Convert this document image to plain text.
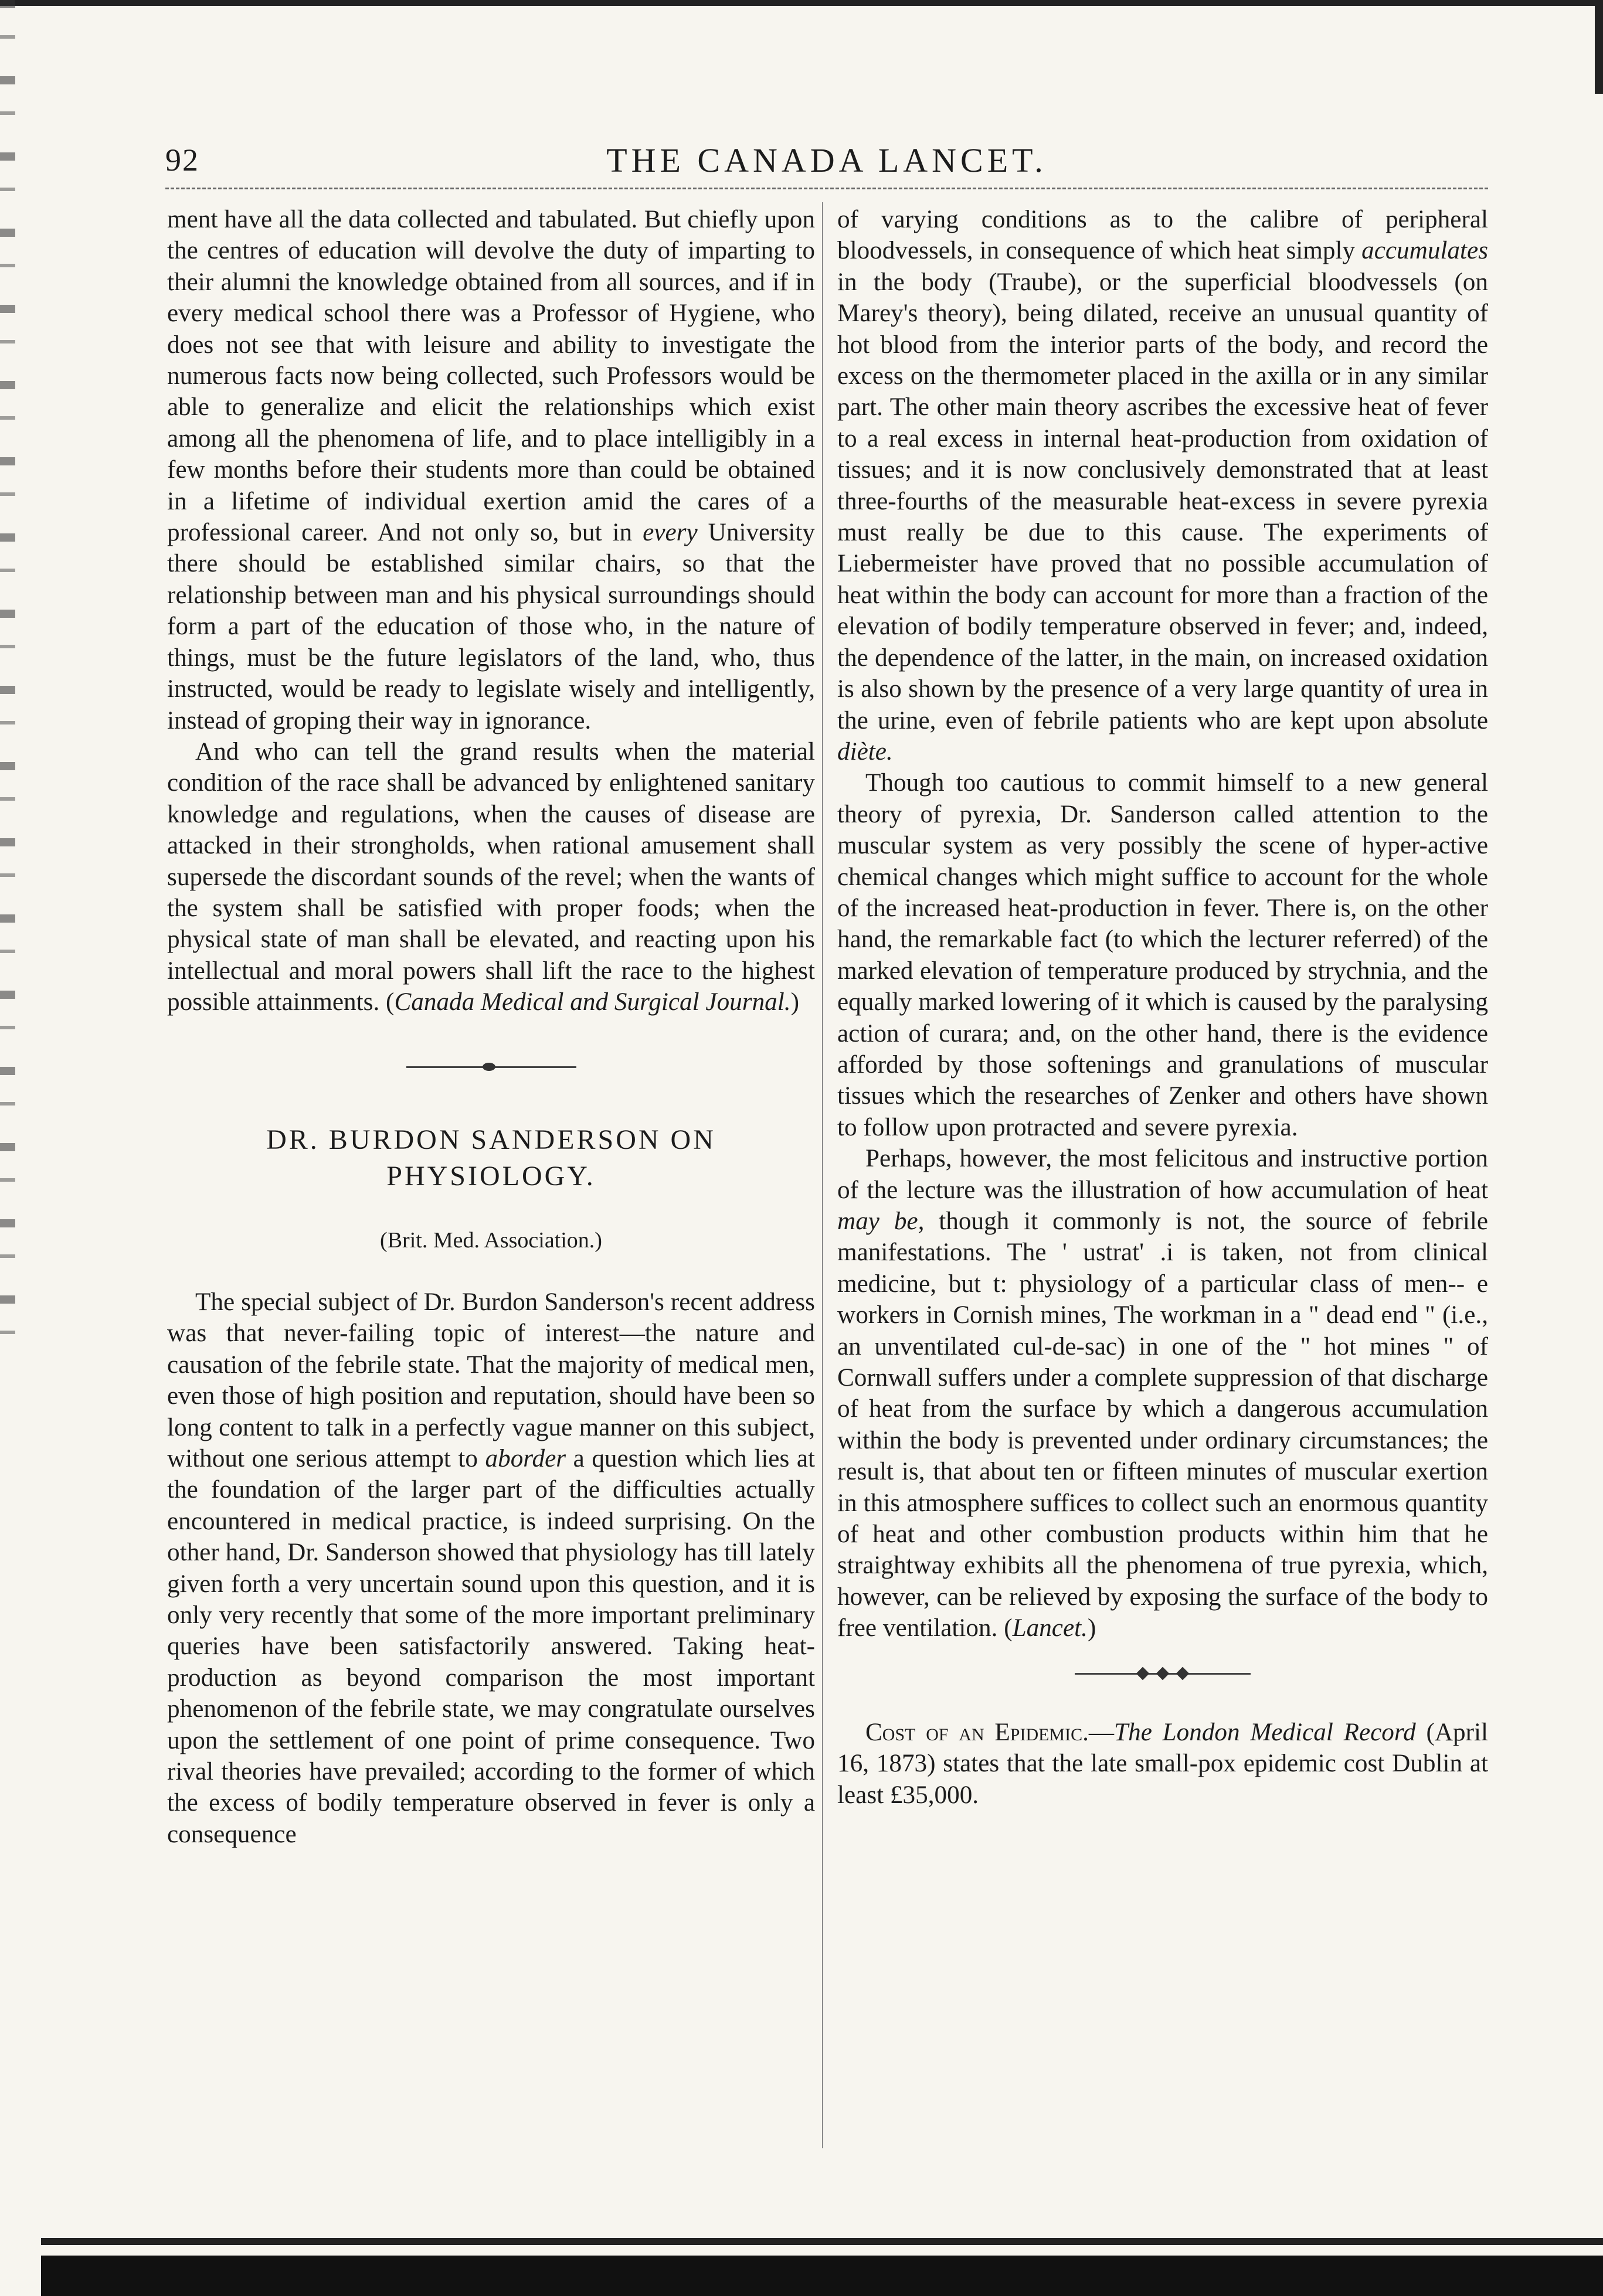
92	THE CANADA LANCET.

ment have all the data collected and tabulated. But chiefly upon the centres of education will devolve the duty of imparting to their alumni the knowledge obtained from all sources, and if in every medical school there was a Professor of Hygiene, who does not see that with leisure and ability to investigate the numerous facts now being collected, such Professors would be able to generalize and elicit the relationships which exist among all the phenomena of life, and to place intelligibly in a few months before their students more than could be obtained in a lifetime of individual exertion amid the cares of a professional career. And not only so, but in every University there should be established similar chairs, so that the relationship between man and his physical surroundings should form a part of the education of those who, in the nature of things, must be the future legislators of the land, who, thus instructed, would be ready to legislate wisely and intelligently, instead of groping their way in ignorance.

And who can tell the grand results when the material condition of the race shall be advanced by enlightened sanitary knowledge and regulations, when the causes of disease are attacked in their strongholds, when rational amusement shall supersede the discordant sounds of the revel; when the wants of the system shall be satisfied with proper foods; when the physical state of man shall be elevated, and reacting upon his intellectual and moral powers shall lift the race to the highest possible attainments. (Canada Medical and Surgical Journal.)

DR. BURDON SANDERSON ON
PHYSIOLOGY.
(Brit. Med. Association.)

The special subject of Dr. Burdon Sanderson's recent address was that never-failing topic of interest—the nature and causation of the febrile state. That the majority of medical men, even those of high position and reputation, should have been so long content to talk in a perfectly vague manner on this subject, without one serious attempt to aborder a question which lies at the foundation of the larger part of the difficulties actually encountered in medical practice, is indeed surprising. On the other hand, Dr. Sanderson showed that physiology has till lately given forth a very uncertain sound upon this question, and it is only very recently that some of the more important preliminary queries have been satisfactorily answered. Taking heat-production as beyond comparison the most important phenomenon of the febrile state, we may congratulate ourselves upon the settlement of one point of prime consequence. Two rival theories have prevailed; according to the former of which the excess of bodily temperature observed in fever is only a consequence

of varying conditions as to the calibre of peripheral bloodvessels, in consequence of which heat simply accumulates in the body (Traube), or the superficial bloodvessels (on Marey's theory), being dilated, receive an unusual quantity of hot blood from the interior parts of the body, and record the excess on the thermometer placed in the axilla or in any similar part. The other main theory ascribes the excessive heat of fever to a real excess in internal heat-production from oxidation of tissues; and it is now conclusively demonstrated that at least three-fourths of the measurable heat-excess in severe pyrexia must really be due to this cause. The experiments of Liebermeister have proved that no possible accumulation of heat within the body can account for more than a fraction of the elevation of bodily temperature observed in fever; and, indeed, the dependence of the latter, in the main, on increased oxidation is also shown by the presence of a very large quantity of urea in the urine, even of febrile patients who are kept upon absolute diète.

Though too cautious to commit himself to a new general theory of pyrexia, Dr. Sanderson called attention to the muscular system as very possibly the scene of hyper-active chemical changes which might suffice to account for the whole of the increased heat-production in fever. There is, on the other hand, the remarkable fact (to which the lecturer referred) of the marked elevation of temperature produced by strychnia, and the equally marked lowering of it which is caused by the paralysing action of curara; and, on the other hand, there is the evidence afforded by those softenings and granulations of muscular tissues which the researches of Zenker and others have shown to follow upon protracted and severe pyrexia.

Perhaps, however, the most felicitous and instructive portion of the lecture was the illustration of how accumulation of heat may be, though it commonly is not, the source of febrile manifestations. The ' ustrat' .i is taken, not from clinical medicine, but t: physiology of a particular class of men-- e workers in Cornish mines, The workman in a " dead end " (i.e., an unventilated cul-de-sac) in one of the " hot mines " of Cornwall suffers under a complete suppression of that discharge of heat from the surface by which a dangerous accumulation within the body is prevented under ordinary circumstances; the result is, that about ten or fifteen minutes of muscular exertion in this atmosphere suffices to collect such an enormous quantity of heat and other combustion products within him that he straightway exhibits all the phenomena of true pyrexia, which, however, can be relieved by exposing the surface of the body to free ventilation. (Lancet.)

Cost of an Epidemic.—The London Medical Record (April 16, 1873) states that the late small-pox epidemic cost Dublin at least £35,000.
